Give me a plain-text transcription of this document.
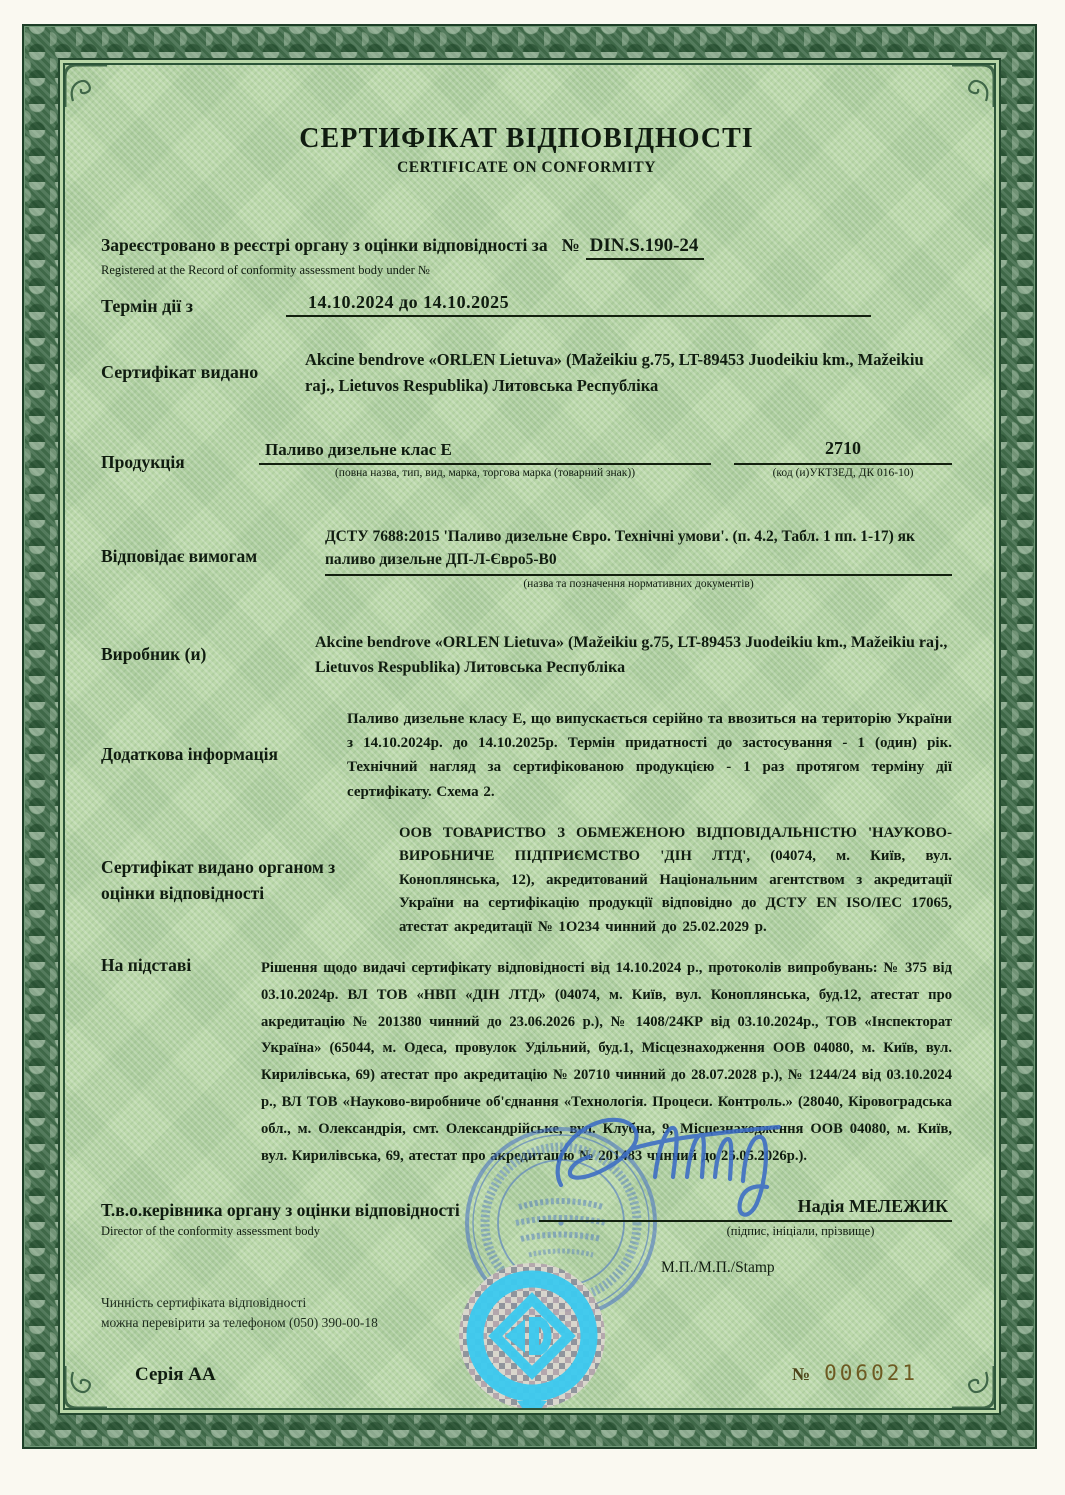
СЕРТИФІКАТ ВІДПОВІДНОСТІ
CERTIFICATE ON CONFORMITY
Зареєстровано в реєстрі органу з оцінки відповідності за № DIN.S.190-24
Registered at the Record of conformity assessment body under №
Термін дії з	14.10.2024 до 14.10.2025
Сертифікат видано
Akcine bendrove «ORLEN Lietuva» (Mažeikiu g.75, LT-89453 Juodeikiu km., Mažeikiu raj., Lietuvos Respublika) Литовська Республіка
Продукція
Паливо дизельне клас Е
(повна назва, тип, вид, марка, торгова марка (товарний знак))
2710
(код (и)УКТЗЕД, ДК 016-10)
Відповідає вимогам
ДСТУ 7688:2015 'Паливо дизельне Євро. Технічні умови'. (п. 4.2, Табл. 1 пп. 1-17) як паливо дизельне ДП-Л-Євро5-В0
(назва та позначення нормативних документів)
Виробник (и)
Akcine bendrove «ORLEN Lietuva» (Mažeikiu g.75, LT-89453 Juodeikiu km., Mažeikiu raj., Lietuvos Respublika) Литовська Республіка
Додаткова інформація
Паливо дизельне класу Е, що випускається серійно та ввозиться на територію України з 14.10.2024р. до 14.10.2025р. Термін придатності до застосування - 1 (один) рік. Технічний нагляд за сертифікованою продукцією - 1 раз протягом терміну дії сертифікату. Схема 2.
Сертифікат видано органом з оцінки відповідності
ООВ ТОВАРИСТВО З ОБМЕЖЕНОЮ ВІДПОВІДАЛЬНІСТЮ 'НАУКОВО-ВИРОБНИЧЕ ПІДПРИЄМСТВО 'ДІН ЛТД', (04074, м. Київ, вул. Коноплянська, 12), акредитований Національним агентством з акредитації України на сертифікацію продукції відповідно до ДСТУ EN ISO/IEC 17065, атестат акредитації № 1О234 чинний до 25.02.2029 р.
На підставі	Рішення щодо видачі сертифікату відповідності від 14.10.2024 р., протоколів випробувань: № 375 від 03.10.2024р. ВЛ ТОВ «НВП «ДІН ЛТД» (04074, м. Київ, вул. Коноплянська, буд.12, атестат про акредитацію № 201380 чинний до 23.06.2026 р.), № 1408/24КР від 03.10.2024р., ТОВ «Інспекторат Україна» (65044, м. Одеса, провулок Удільний, буд.1, Місцезнаходження ООВ 04080, м. Київ, вул. Кирилівська, 69) атестат про акредитацію № 20710 чинний до 28.07.2028 р.), № 1244/24 від 03.10.2024 р., ВЛ ТОВ «Науково-виробниче об'єднання «Технологія. Процеси. Контроль.» (28040, Кіровоградська обл., м. Олександрія, смт. Олександрійське, вул. Клубна, 9, Місцезнаходження ООВ 04080, м. Київ, вул. Кирилівська, 69, атестат про акредитацію № 201483 чинний до 25.05.2026р.).
Т.в.о.керівника органу з оцінки відповідності
Director of the conformity assessment body
Надія МЕЛЕЖИК
(підпис, ініціали, прізвище)
М.П./М.П./Stamp
Чинність сертифіката відповідності
можна перевірити за телефоном (050) 390-00-18
Серія АА	№ 006021
